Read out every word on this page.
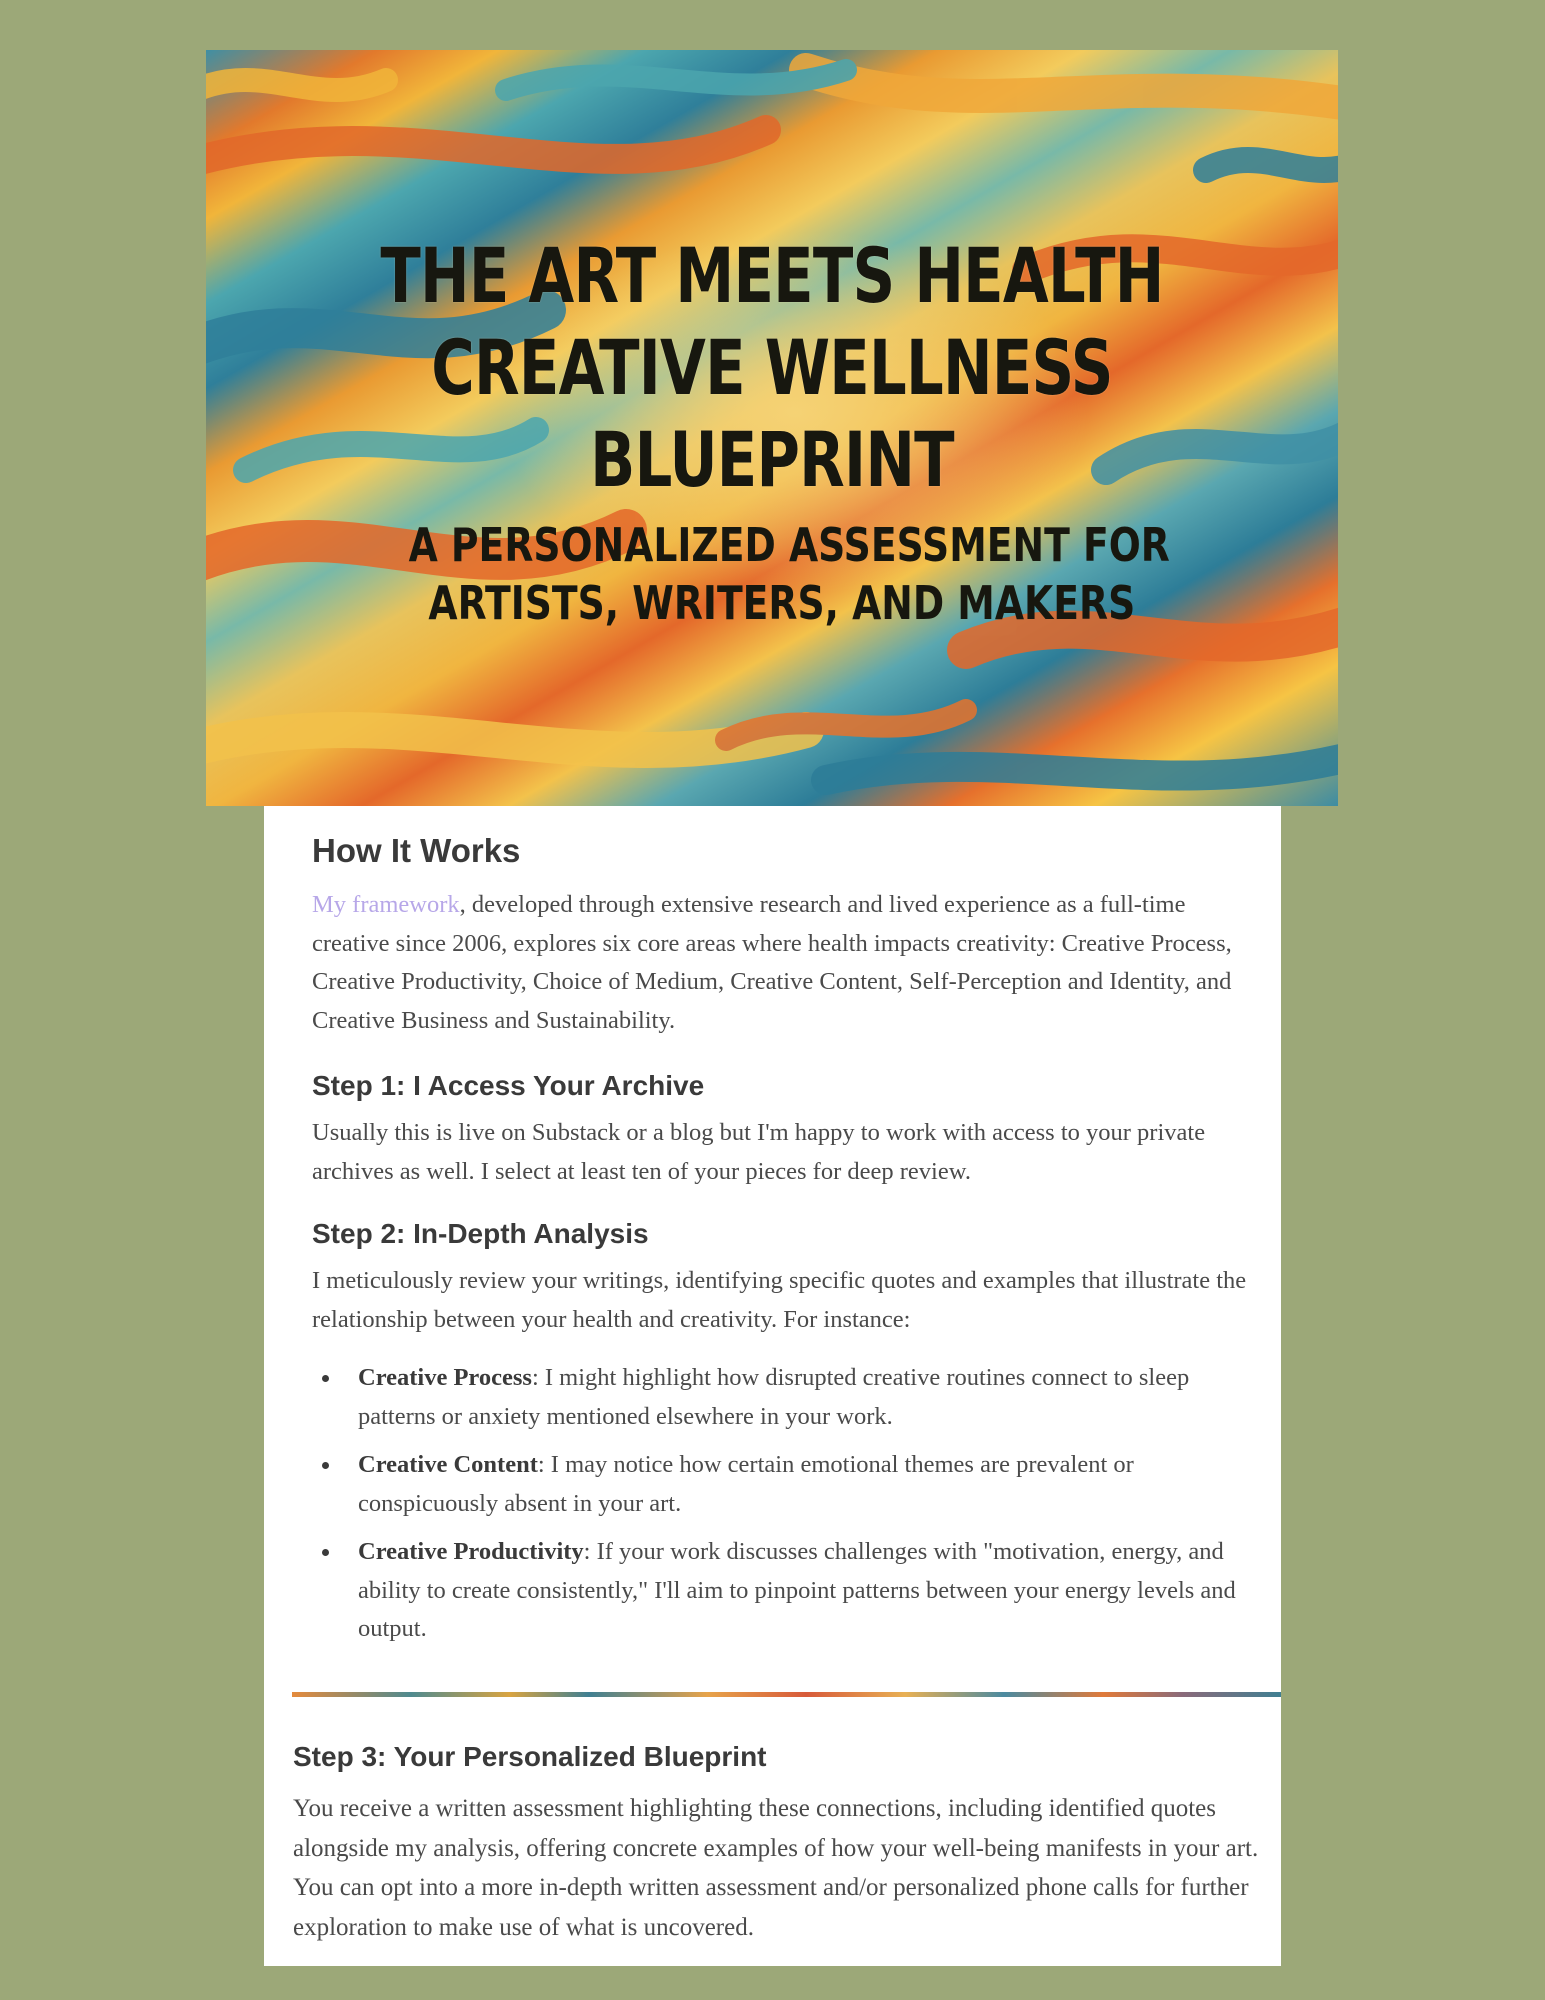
THE ART MEETS HEALTH
CREATIVE WELLNESS
BLUEPRINT
A PERSONALIZED ASSESSMENT FOR
ARTISTS, WRITERS, AND MAKERS
How It Works

My framework, developed through extensive research and lived experience as a full-time creative since 2006, explores six core areas where health impacts creativity: Creative Process, Creative Productivity, Choice of Medium, Creative Content, Self-Perception and Identity, and Creative Business and Sustainability.

Step 1: I Access Your Archive

Usually this is live on Substack or a blog but I'm happy to work with access to your private archives as well. I select at least ten of your pieces for deep review.

Step 2: In-Depth Analysis

I meticulously review your writings, identifying specific quotes and examples that illustrate the relationship between your health and creativity. For instance:

Creative Process: I might highlight how disrupted creative routines connect to sleep patterns or anxiety mentioned elsewhere in your work.
Creative Content: I may notice how certain emotional themes are prevalent or conspicuously absent in your art.
Creative Productivity: If your work discusses challenges with "motivation, energy, and ability to create consistently," I'll aim to pinpoint patterns between your energy levels and output.
Step 3: Your Personalized Blueprint

You receive a written assessment highlighting these connections, including identified quotes alongside my analysis, offering concrete examples of how your well-being manifests in your art. You can opt into a more in-depth written assessment and/or personalized phone calls for further exploration to make use of what is uncovered.
